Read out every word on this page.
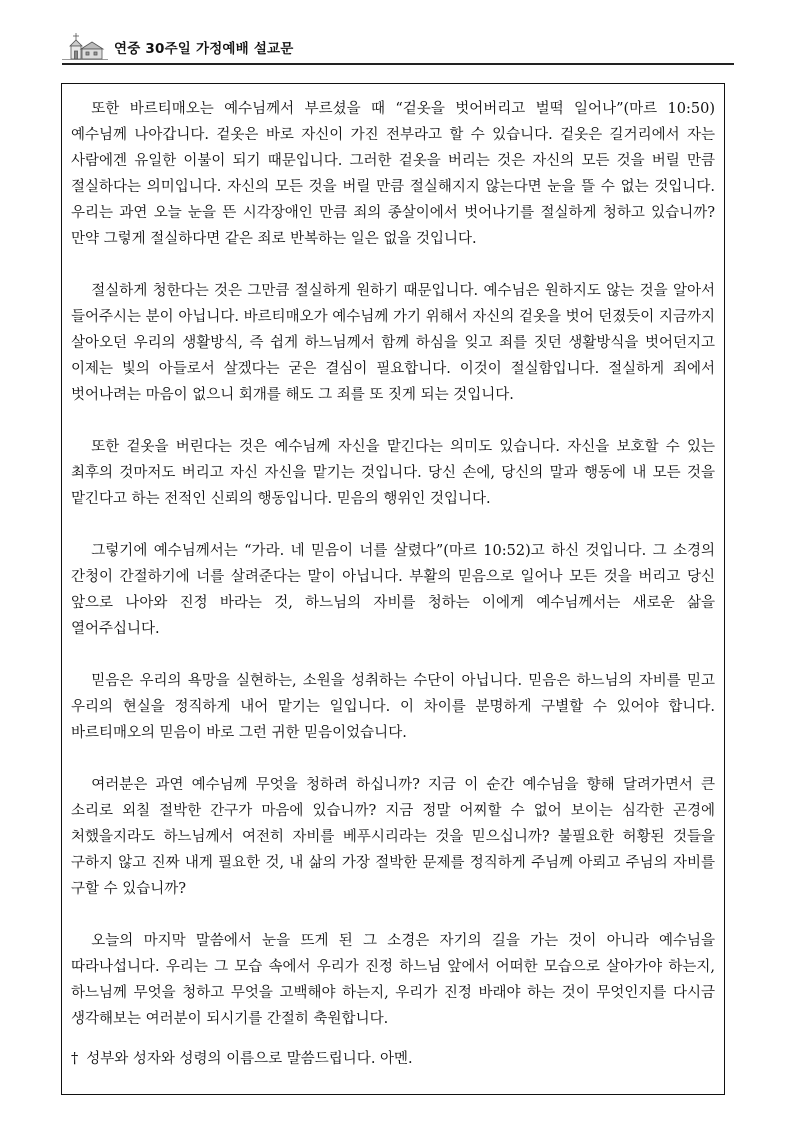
연중 30주일 가정예배 설교문

또한 바르티매오는 예수님께서 부르셨을 때 “겉옷을 벗어버리고 벌떡 일어나”(마르 10:50) 예수님께 나아갑니다. 겉옷은 바로 자신이 가진 전부라고 할 수 있습니다. 겉옷은 길거리에서 자는 사람에겐 유일한 이불이 되기 때문입니다. 그러한 겉옷을 버리는 것은 자신의 모든 것을 버릴 만큼 절실하다는 의미입니다. 자신의 모든 것을 버릴 만큼 절실해지지 않는다면 눈을 뜰 수 없는 것입니다. 우리는 과연 오늘 눈을 뜬 시각장애인 만큼 죄의 종살이에서 벗어나기를 절실하게 청하고 있습니까? 만약 그렇게 절실하다면 같은 죄로 반복하는 일은 없을 것입니다.

절실하게 청한다는 것은 그만큼 절실하게 원하기 때문입니다. 예수님은 원하지도 않는 것을 알아서 들어주시는 분이 아닙니다. 바르티매오가 예수님께 가기 위해서 자신의 겉옷을 벗어 던졌듯이 지금까지 살아오던 우리의 생활방식, 즉 쉽게 하느님께서 함께 하심을 잊고 죄를 짓던 생활방식을 벗어던지고 이제는 빛의 아들로서 살겠다는 굳은 결심이 필요합니다. 이것이 절실함입니다. 절실하게 죄에서 벗어나려는 마음이 없으니 회개를 해도 그 죄를 또 짓게 되는 것입니다.

또한 겉옷을 버린다는 것은 예수님께 자신을 맡긴다는 의미도 있습니다. 자신을 보호할 수 있는 최후의 것마저도 버리고 자신 자신을 맡기는 것입니다. 당신 손에, 당신의 말과 행동에 내 모든 것을 맡긴다고 하는 전적인 신뢰의 행동입니다. 믿음의 행위인 것입니다.

그렇기에 예수님께서는 “가라. 네 믿음이 너를 살렸다”(마르 10:52)고 하신 것입니다. 그 소경의 간청이 간절하기에 너를 살려준다는 말이 아닙니다. 부활의 믿음으로 일어나 모든 것을 버리고 당신 앞으로 나아와 진정 바라는 것, 하느님의 자비를 청하는 이에게 예수님께서는 새로운 삶을 열어주십니다.

믿음은 우리의 욕망을 실현하는, 소원을 성취하는 수단이 아닙니다. 믿음은 하느님의 자비를 믿고 우리의 현실을 정직하게 내어 맡기는 일입니다. 이 차이를 분명하게 구별할 수 있어야 합니다. 바르티매오의 믿음이 바로 그런 귀한 믿음이었습니다.

여러분은 과연 예수님께 무엇을 청하려 하십니까? 지금 이 순간 예수님을 향해 달려가면서 큰 소리로 외칠 절박한 간구가 마음에 있습니까? 지금 정말 어찌할 수 없어 보이는 심각한 곤경에 처했을지라도 하느님께서 여전히 자비를 베푸시리라는 것을 믿으십니까? 불필요한 허황된 것들을 구하지 않고 진짜 내게 필요한 것, 내 삶의 가장 절박한 문제를 정직하게 주님께 아뢰고 주님의 자비를 구할 수 있습니까?

오늘의 마지막 말씀에서 눈을 뜨게 된 그 소경은 자기의 길을 가는 것이 아니라 예수님을 따라나섭니다. 우리는 그 모습 속에서 우리가 진정 하느님 앞에서 어떠한 모습으로 살아가야 하는지, 하느님께 무엇을 청하고 무엇을 고백해야 하는지, 우리가 진정 바래야 하는 것이 무엇인지를 다시금 생각해보는 여러분이 되시기를 간절히 축원합니다.

† 성부와 성자와 성령의 이름으로 말씀드립니다. 아멘.
